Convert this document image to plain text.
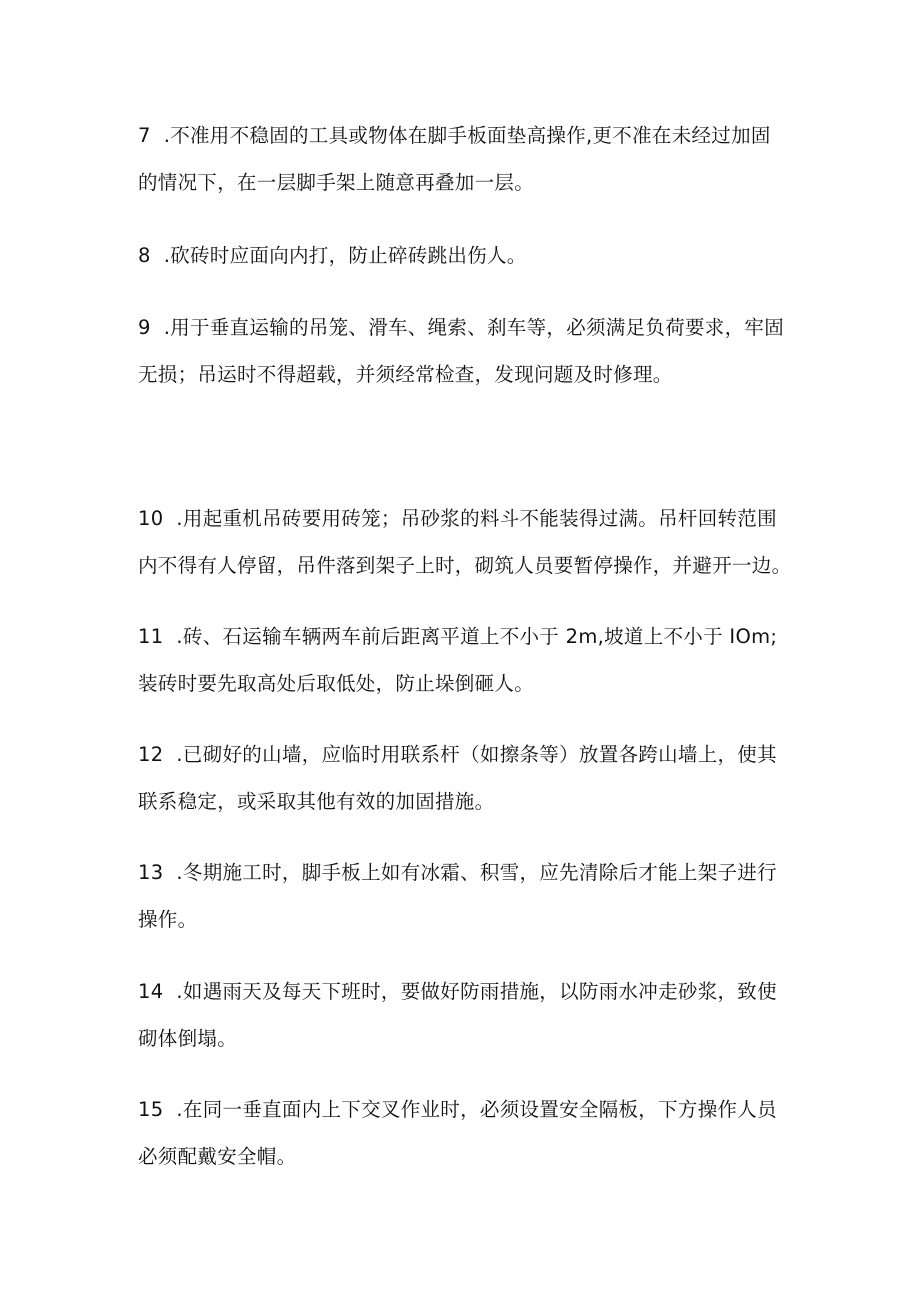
7  .不准用不稳固的工具或物体在脚手板面垫高操作,更不准在未经过加固
的情况下，在一层脚手架上随意再叠加一层。

8  .砍砖时应面向内打，防止碎砖跳出伤人。

9  .用于垂直运输的吊笼、滑车、绳索、刹车等，必须满足负荷要求，牢固
无损；吊运时不得超载，并须经常检查，发现问题及时修理。

10  .用起重机吊砖要用砖笼；吊砂浆的料斗不能装得过满。吊杆回转范围
内不得有人停留，吊件落到架子上时，砌筑人员要暂停操作，并避开一边。

11  .砖、石运输车辆两车前后距离平道上不小于 2m,坡道上不小于 IOm;
装砖时要先取高处后取低处，防止垛倒砸人。

12  .已砌好的山墙，应临时用联系杆（如擦条等）放置各跨山墙上，使其
联系稳定，或采取其他有效的加固措施。

13  .冬期施工时，脚手板上如有冰霜、积雪，应先清除后才能上架子进行
操作。

14  .如遇雨天及每天下班时，要做好防雨措施，以防雨水冲走砂浆，致使
砌体倒塌。

15  .在同一垂直面内上下交叉作业时，必须设置安全隔板，下方操作人员
必须配戴安全帽。
